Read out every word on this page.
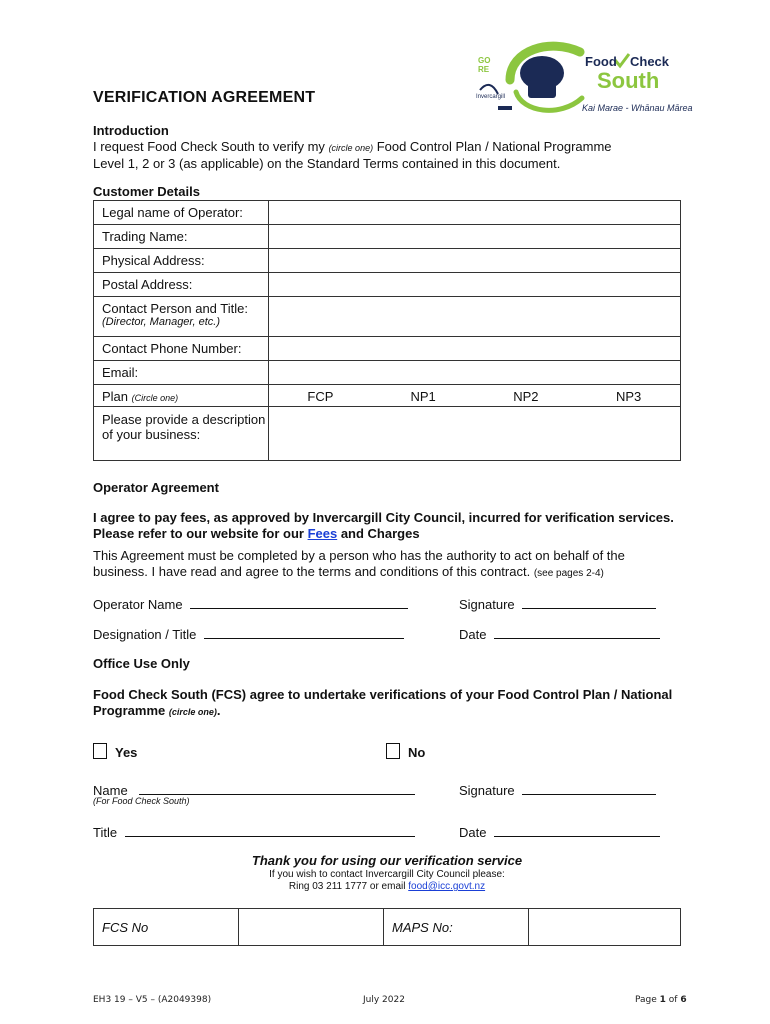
GO RE
Invercargill
Food Check
South
Kai Marae - Whānau Mārea
VERIFICATION AGREEMENT
Introduction
I request Food Check South to verify my (circle one) Food Control Plan / National Programme
Level 1, 2 or 3 (as applicable) on the Standard Terms contained in this document.
Customer Details
Legal name of Operator:	
Trading Name:	
Physical Address:	
Postal Address:	

Contact Person and Title:
(Director, Manager, etc.)	

Contact Phone Number:	
Email:	
Plan (Circle one)	FCP NP1 NP2 NP3

Please provide a description of your business:	
Operator Agreement
I agree to pay fees, as approved by Invercargill City Council, incurred for verification services. Please refer to our website for our Fees and Charges
This Agreement must be completed by a person who has the authority to act on behalf of the business. I have read and agree to the terms and conditions of this contract. (see pages 2-4)
Operator Name	Signature
Designation / Title	Date
Office Use Only
Food Check South (FCS) agree to undertake verifications of your Food Control Plan / National Programme (circle one).
Yes	No
Name
(For Food Check South)
Signature
Title	Date
Thank you for using our verification service
If you wish to contact Invercargill City Council please:
Ring 03 211 1777 or email food@icc.govt.nz
FCS No		MAPS No:	
EH3 19 – V5 – (A2049398)	July 2022	Page 1 of 6
